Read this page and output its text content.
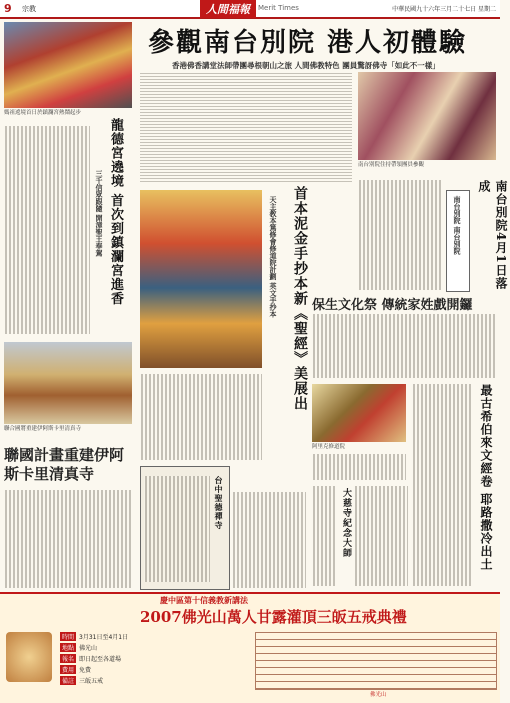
9 宗教	人間福報	Merit Times	中華民國九十六年三月二十七日 星期二
媽祖遶境首日於鎮瀾宮熱鬧起步
參觀南台別院 港人初體驗
香港佛香講堂法師帶團尋根朝山之旅 人間佛教特色 團員驚訝佛寺「如此不一樣」
南台別院住持帶領團員參觀
龍德宮遶境 首次到鎮瀾宮進香
三千信眾跟隨 開漳聖王奉駕
聯合國將重建伊阿斯卡里清真寺
聯國計畫重建伊阿斯卡里清真寺
首本泥金手抄本新《聖經》美展出
天主教本篤修會修道院計劃 英文手抄本
台中聖德禪寺
南台別院4月1日落成
南台別院 南台別院
保生文化祭 傳統家姓戲開鑼
最古希伯來文經卷 耶路撒冷出土
阿里克修道院
大慈寺紀念大師
慶中區第十信義教新講法
2007佛光山萬人甘露灌頂三皈五戒典禮
時間 3月31日至4月1日
地點 佛光山
報名 即日起至各道場
費用 免費
備註 三皈五戒
佛光山
